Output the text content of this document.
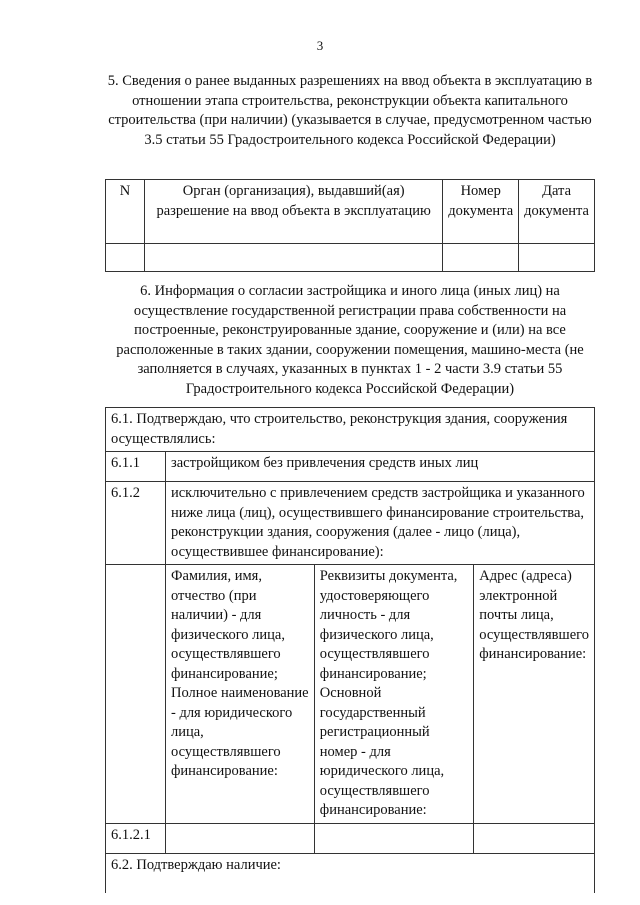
3
5. Сведения о ранее выданных разрешениях на ввод объекта в эксплуатацию в отношении этапа строительства, реконструкции объекта капитального строительства (при наличии) (указывается в случае, предусмотренном частью 3.5 статьи 55 Градостроительного кодекса Российской Федерации)
N	Орган (организация), выдавший(ая) разрешение на ввод объекта в эксплуатацию	Номер документа	Дата документа

6. Информация о согласии застройщика и иного лица (иных лиц) на осуществление государственной регистрации права собственности на построенные, реконструированные здание, сооружение и (или) на все расположенные в таких здании, сооружении помещения, машино-места (не заполняется в случаях, указанных в пунктах 1 - 2 части 3.9 статьи 55 Градостроительного кодекса Российской Федерации)
6.1. Подтверждаю, что строительство, реконструкция здания, сооружения осуществлялись:			
6.1.1	застройщиком без привлечения средств иных лиц		
6.1.2	исключительно с привлечением средств застройщика и указанного ниже лица (лиц), осуществившего финансирование строительства, реконструкции здания, сооружения (далее - лицо (лица), осуществившее финансирование):		
	Фамилия, имя, отчество (при наличии) - для физического лица, осуществлявшего финансирование; Полное наименование - для юридического лица, осуществлявшего финансирование:	Реквизиты документа, удостоверяющего личность - для физического лица, осуществлявшего финансирование; Основной государственный регистрационный номер - для юридического лица, осуществлявшего финансирование:	Адрес (адреса) электронной почты лица, осуществлявшего финансирование:
6.1.2.1			
6.2. Подтверждаю наличие:			
